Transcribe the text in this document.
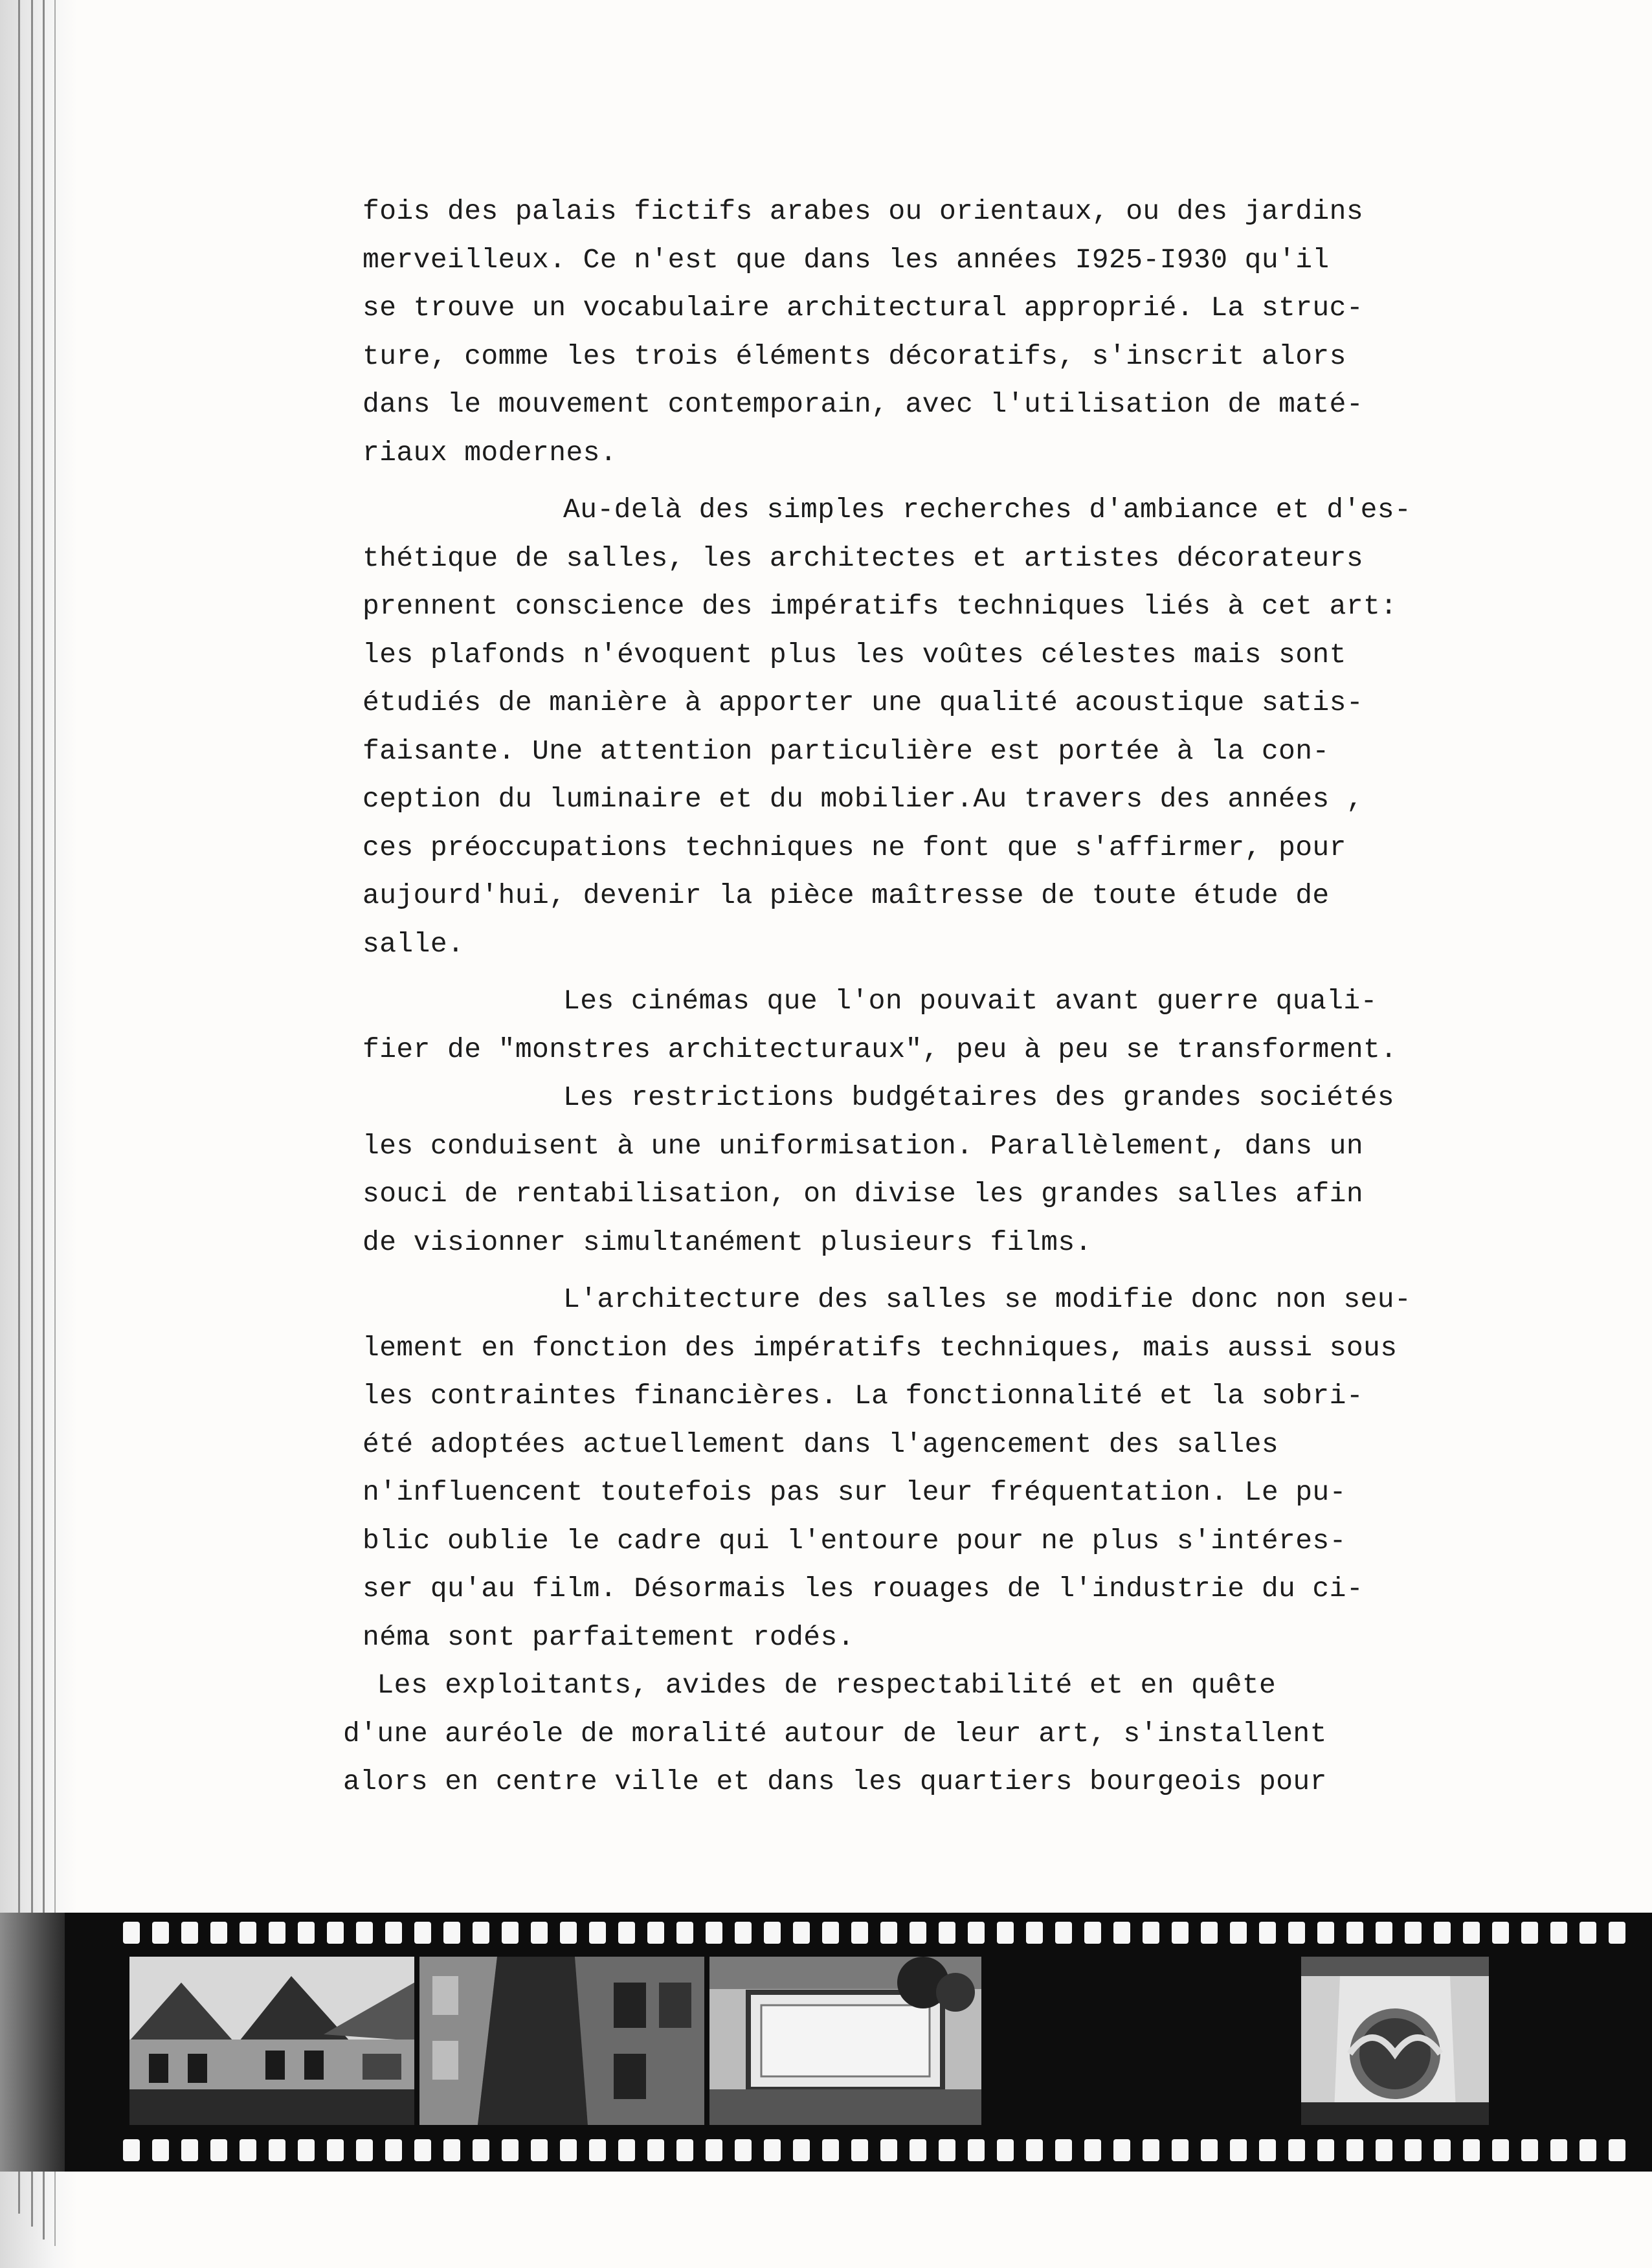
fois des palais fictifs arabes ou orientaux, ou des jardins
merveilleux. Ce n'est que dans les années I925-I930 qu'il
se trouve un vocabulaire architectural approprié. La struc-
ture, comme les trois éléments décoratifs, s'inscrit alors
dans le mouvement contemporain, avec l'utilisation de maté-
riaux modernes.
Au-delà des simples recherches d'ambiance et d'es-
thétique de salles, les architectes et artistes décorateurs
prennent conscience des impératifs techniques liés à cet art:
les plafonds n'évoquent plus les voûtes célestes mais sont
étudiés de manière à apporter une qualité acoustique satis-
faisante. Une attention particulière est portée à la con-
ception du luminaire et du mobilier.Au travers des années ,
ces préoccupations techniques ne font que s'affirmer, pour
aujourd'hui, devenir la pièce maîtresse de toute étude de
salle.
Les cinémas que l'on pouvait avant guerre quali-
fier de "monstres architecturaux", peu à peu se transforment.
Les restrictions budgétaires des grandes sociétés
les conduisent à une uniformisation. Parallèlement, dans un
souci de rentabilisation, on divise les grandes salles afin
de visionner simultanément plusieurs films.
L'architecture des salles se modifie donc non seu-
lement en fonction des impératifs techniques, mais aussi sous
les contraintes financières. La fonctionnalité et la sobri-
été adoptées actuellement dans l'agencement des salles
n'influencent toutefois pas sur leur fréquentation. Le pu-
blic oublie le cadre qui l'entoure pour ne plus s'intéres-
ser qu'au film. Désormais les rouages de l'industrie du ci-
néma sont parfaitement rodés.
Les exploitants, avides de respectabilité et en quête
d'une auréole de moralité autour de leur art, s'installent
alors en centre ville et dans les quartiers bourgeois pour
